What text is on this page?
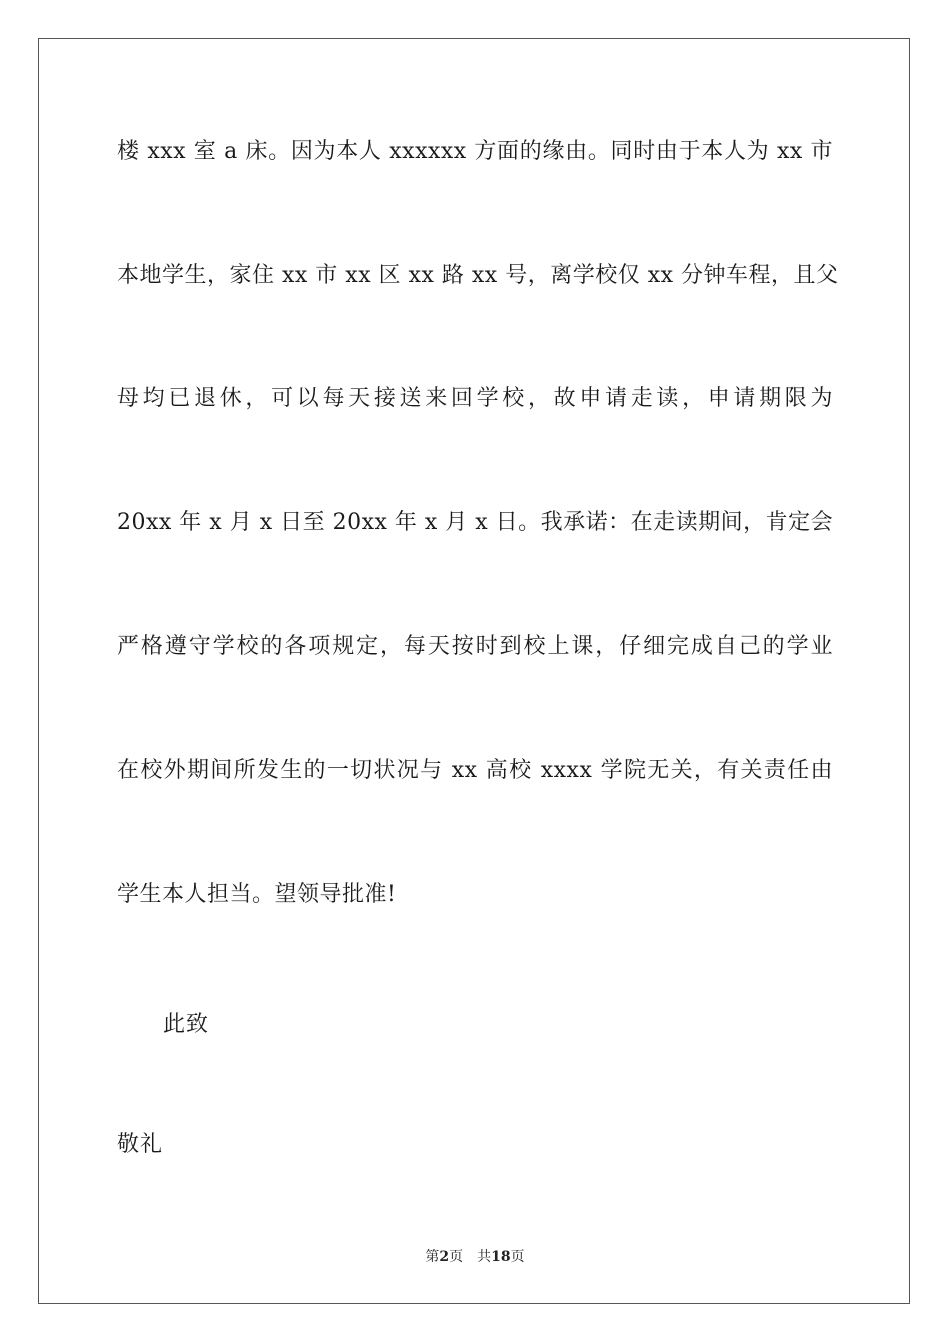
楼 xxx 室 a 床。因为本人 xxxxxx 方面的缘由。同时由于本人为 xx 市
本地学生，家住 xx 市 xx 区 xx 路 xx 号，离学校仅 xx 分钟车程，且父
母均已退休，可以每天接送来回学校，故申请走读，申请期限为
20xx 年 x 月 x 日至 20xx 年 x 月 x 日。我承诺：在走读期间，肯定会
严格遵守学校的各项规定，每天按时到校上课，仔细完成自己的学业
在校外期间所发生的一切状况与 xx 高校 xxxx 学院无关，有关责任由
学生本人担当。望领导批准!
此致
敬礼
第2页 共18页
